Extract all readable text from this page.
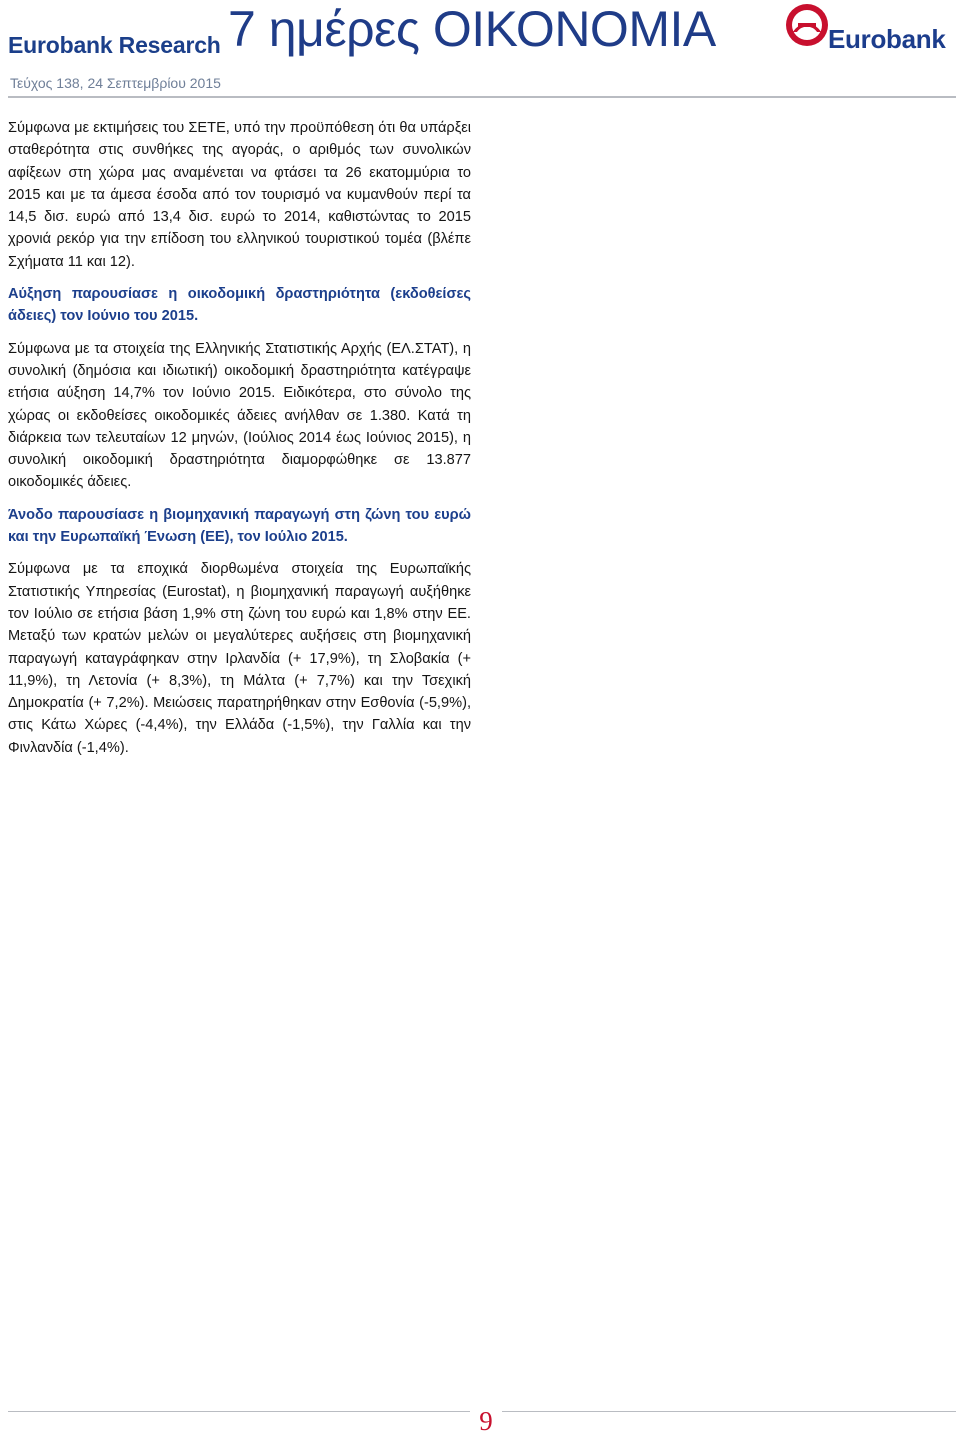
Eurobank Research 7 ημέρες ΟΙΚΟΝΟΜΙΑ	Eurobank
Τεύχος 138, 24 Σεπτεμβρίου 2015

Σύμφωνα με εκτιμήσεις του ΣΕΤΕ, υπό την προϋπόθεση ότι θα υπάρξει σταθερότητα στις συνθήκες της αγοράς, ο αριθμός των συνολικών αφίξεων στη χώρα μας αναμένεται να φτάσει τα 26 εκατομμύρια το 2015 και με τα άμεσα έσοδα από τον τουρισμό να κυμανθούν περί τα 14,5 δισ. ευρώ από 13,4 δισ. ευρώ το 2014, καθιστώντας το 2015 χρονιά ρεκόρ για την επίδοση του ελληνικού τουριστικού τομέα (βλέπε Σχήματα 11 και 12).

Αύξηση παρουσίασε η οικοδομική δραστηριότητα (εκδοθείσες άδειες) τον Ιούνιο του 2015.

Σύμφωνα με τα στοιχεία της Ελληνικής Στατιστικής Αρχής (ΕΛ.ΣΤΑΤ), η συνολική (δημόσια και ιδιωτική) οικοδομική δραστηριότητα κατέγραψε ετήσια αύξηση 14,7% τον Ιούνιο 2015. Ειδικότερα, στο σύνολο της χώρας οι εκδοθείσες οικοδομικές άδειες ανήλθαν σε 1.380. Κατά τη διάρκεια των τελευταίων 12 μηνών, (Ιούλιος 2014 έως Ιούνιος 2015), η συνολική οικοδομική δραστηριότητα διαμορφώθηκε σε 13.877 οικοδομικές άδειες.

Άνοδο παρουσίασε η βιομηχανική παραγωγή στη ζώνη του ευρώ και την Ευρωπαϊκή Ένωση (ΕΕ), τον Ιούλιο 2015.

Σύμφωνα με τα εποχικά διορθωμένα στοιχεία της Ευρωπαϊκής Στατιστικής Υπηρεσίας (Eurostat), η βιομηχανική παραγωγή αυξήθηκε τον Ιούλιο σε ετήσια βάση 1,9% στη ζώνη του ευρώ και 1,8% στην ΕΕ. Μεταξύ των κρατών μελών οι μεγαλύτερες αυξήσεις στη βιομηχανική παραγωγή καταγράφηκαν στην Ιρλανδία (+ 17,9%), τη Σλοβακία (+ 11,9%), τη Λετονία (+ 8,3%), τη Μάλτα (+ 7,7%) και την Τσεχική Δημοκρατία (+ 7,2%). Μειώσεις παρατηρήθηκαν στην Εσθονία (-5,9%), στις Κάτω Χώρες (-4,4%), την Ελλάδα (-1,5%), την Γαλλία και την Φινλανδία (-1,4%).

9
